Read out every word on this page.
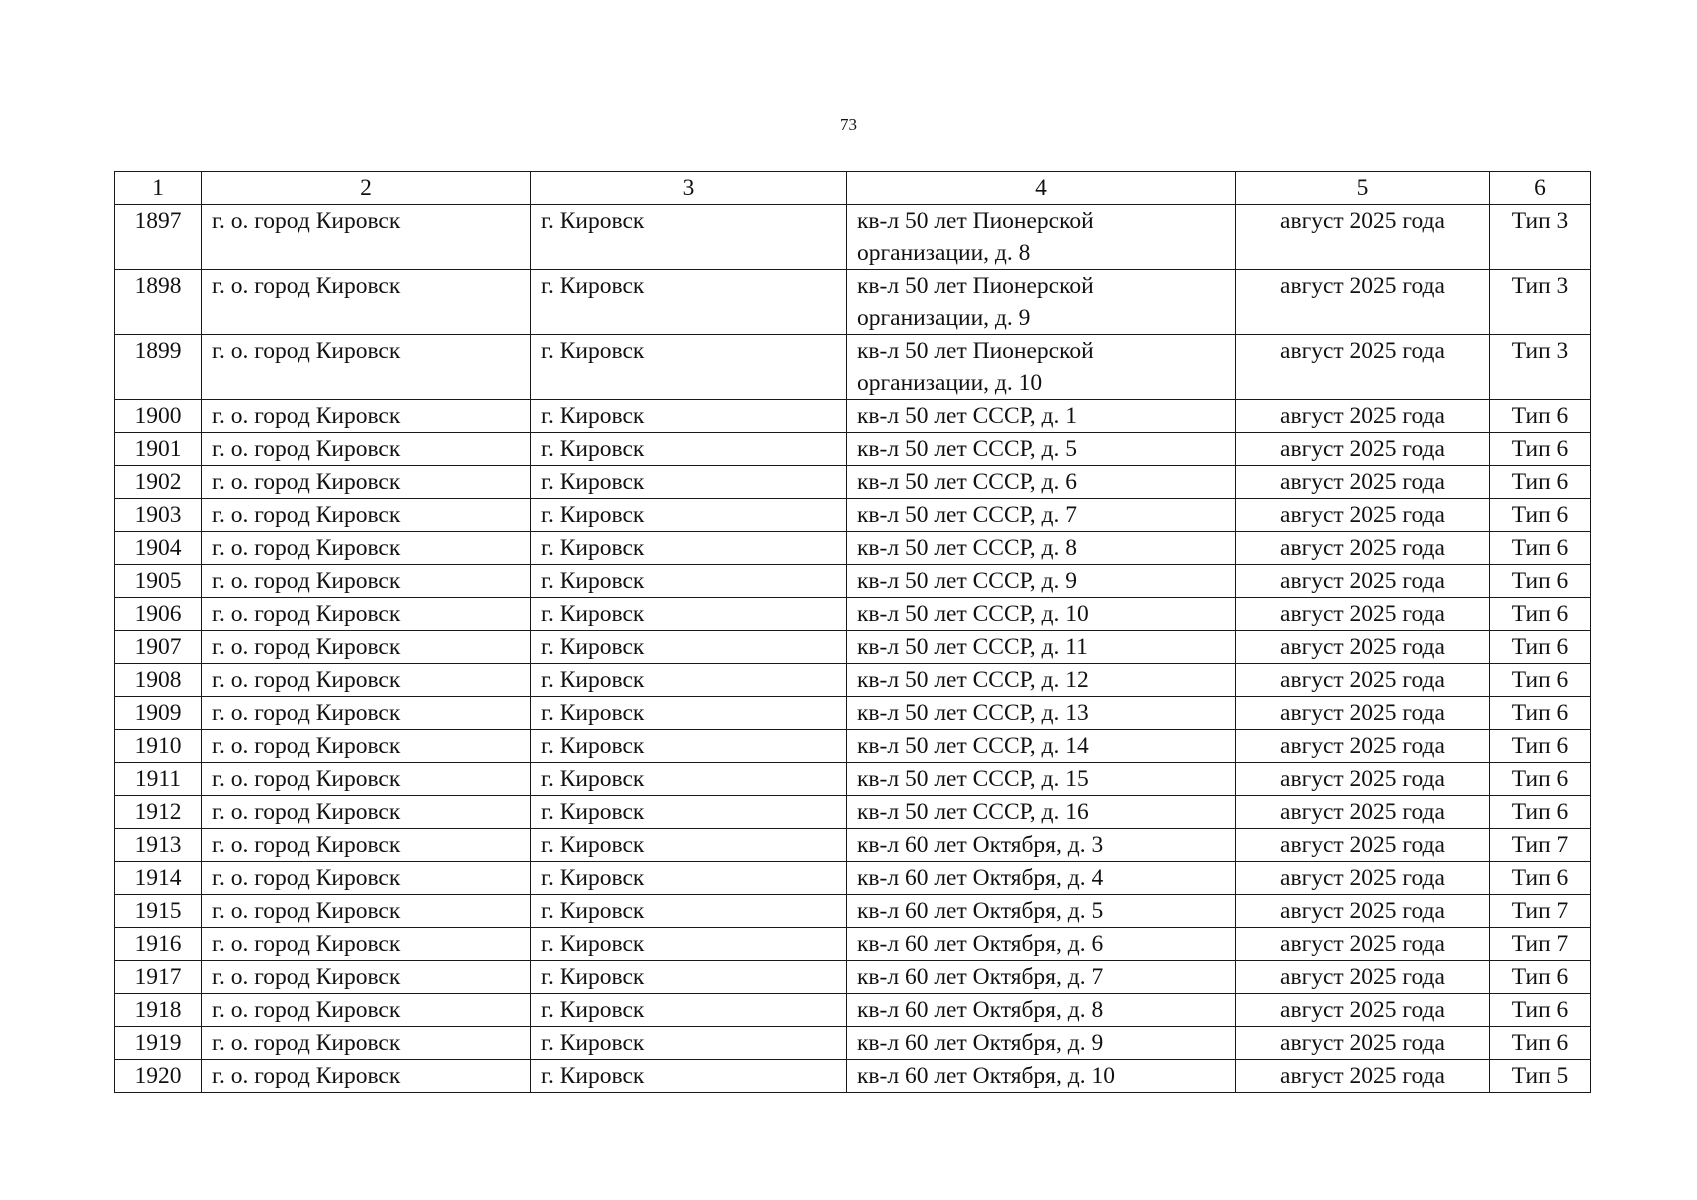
73
1	2	3	4	5	6
1897	г. о. город Кировск	г. Кировск	кв-л 50 лет Пионерской организации, д. 8	август 2025 года	Тип 3
1898	г. о. город Кировск	г. Кировск	кв-л 50 лет Пионерской организации, д. 9	август 2025 года	Тип 3
1899	г. о. город Кировск	г. Кировск	кв-л 50 лет Пионерской организации, д. 10	август 2025 года	Тип 3
1900	г. о. город Кировск	г. Кировск	кв-л 50 лет СССР, д. 1	август 2025 года	Тип 6
1901	г. о. город Кировск	г. Кировск	кв-л 50 лет СССР, д. 5	август 2025 года	Тип 6
1902	г. о. город Кировск	г. Кировск	кв-л 50 лет СССР, д. 6	август 2025 года	Тип 6
1903	г. о. город Кировск	г. Кировск	кв-л 50 лет СССР, д. 7	август 2025 года	Тип 6
1904	г. о. город Кировск	г. Кировск	кв-л 50 лет СССР, д. 8	август 2025 года	Тип 6
1905	г. о. город Кировск	г. Кировск	кв-л 50 лет СССР, д. 9	август 2025 года	Тип 6
1906	г. о. город Кировск	г. Кировск	кв-л 50 лет СССР, д. 10	август 2025 года	Тип 6
1907	г. о. город Кировск	г. Кировск	кв-л 50 лет СССР, д. 11	август 2025 года	Тип 6
1908	г. о. город Кировск	г. Кировск	кв-л 50 лет СССР, д. 12	август 2025 года	Тип 6
1909	г. о. город Кировск	г. Кировск	кв-л 50 лет СССР, д. 13	август 2025 года	Тип 6
1910	г. о. город Кировск	г. Кировск	кв-л 50 лет СССР, д. 14	август 2025 года	Тип 6
1911	г. о. город Кировск	г. Кировск	кв-л 50 лет СССР, д. 15	август 2025 года	Тип 6
1912	г. о. город Кировск	г. Кировск	кв-л 50 лет СССР, д. 16	август 2025 года	Тип 6
1913	г. о. город Кировск	г. Кировск	кв-л 60 лет Октября, д. 3	август 2025 года	Тип 7
1914	г. о. город Кировск	г. Кировск	кв-л 60 лет Октября, д. 4	август 2025 года	Тип 6
1915	г. о. город Кировск	г. Кировск	кв-л 60 лет Октября, д. 5	август 2025 года	Тип 7
1916	г. о. город Кировск	г. Кировск	кв-л 60 лет Октября, д. 6	август 2025 года	Тип 7
1917	г. о. город Кировск	г. Кировск	кв-л 60 лет Октября, д. 7	август 2025 года	Тип 6
1918	г. о. город Кировск	г. Кировск	кв-л 60 лет Октября, д. 8	август 2025 года	Тип 6
1919	г. о. город Кировск	г. Кировск	кв-л 60 лет Октября, д. 9	август 2025 года	Тип 6
1920	г. о. город Кировск	г. Кировск	кв-л 60 лет Октября, д. 10	август 2025 года	Тип 5
